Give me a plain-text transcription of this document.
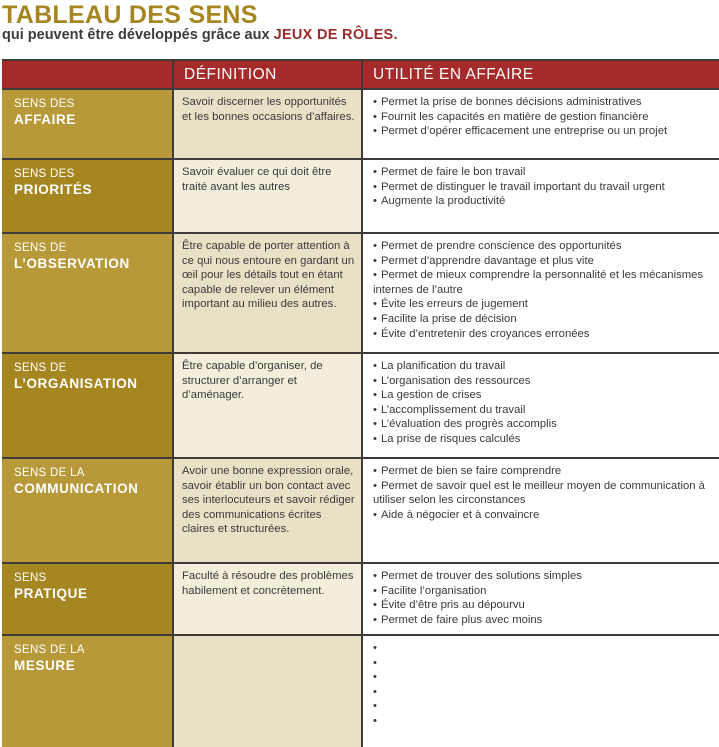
TABLEAU DES SENS
qui peuvent être développés grâce aux JEUX DE RÔLES.
DÉFINITION	UTILITÉ EN AFFAIRE
SENS DES
AFFAIRE
Savoir discerner les opportunités et les bonnes occasions d’affaires.
• Permet la prise de bonnes décisions administratives
• Fournit les capacités en matière de gestion financière
• Permet d’opérer efficacement une entreprise ou un projet
SENS DES
PRIORITÉS
Savoir évaluer ce qui doit être traité avant les autres
• Permet de faire le bon travail
• Permet de distinguer le travail important du travail urgent
• Augmente la productivité
SENS DE
L’OBSERVATION
Être capable de porter attention à ce qui nous entoure en gardant un œil pour les détails tout en étant capable de relever un élément important au milieu des autres.
• Permet de prendre conscience des opportunités
• Permet d’apprendre davantage et plus vite
• Permet de mieux comprendre la personnalité et les mécanismes internes de l’autre
• Évite les erreurs de jugement
• Facilite la prise de décision
• Évite d’entretenir des croyances erronées
SENS DE
L’ORGANISATION
Être capable d’organiser, de structurer d’arranger et d’aménager.
• La planification du travail
• L’organisation des ressources
• La gestion de crises
• L’accomplissement du travail
• L’évaluation des progrès accomplis
• La prise de risques calculés
SENS DE LA
COMMUNICATION
Avoir une bonne expression orale, savoir établir un bon contact avec ses interlocuteurs et savoir rédiger des communications écrites claires et structurées.
• Permet de bien se faire comprendre
• Permet de savoir quel est le meilleur moyen de communication à utiliser selon les circonstances
• Aide à négocier et à convaincre
SENS
PRATIQUE
Faculté à résoudre des problèmes habilement et concrètement.
• Permet de trouver des solutions simples
• Facilite l’organisation
• Évite d’être pris au dépourvu
• Permet de faire plus avec moins
SENS DE LA
MESURE
•
•
•
•
•
•
